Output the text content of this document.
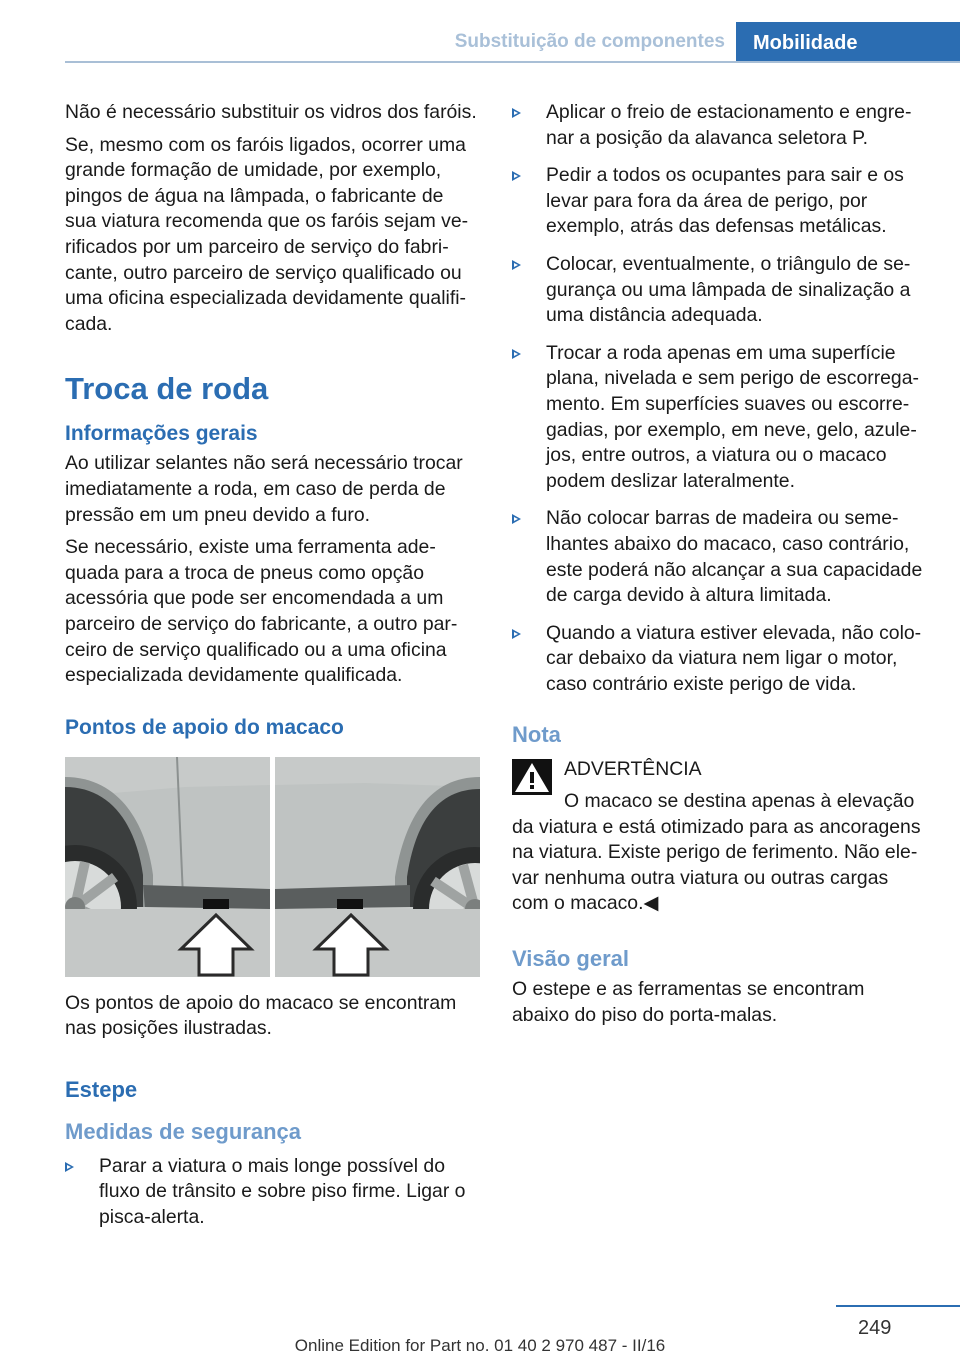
Substituição de componentes	Mobilidade

Não é necessário substituir os vidros dos faróis.

Se, mesmo com os faróis ligados, ocorrer uma grande formação de umidade, por exemplo, pingos de água na lâmpada, o fabricante de sua viatura recomenda que os faróis sejam verificados por um parceiro de serviço do fabricante, outro parceiro de serviço qualificado ou uma oficina especializada devidamente qualificada.

Troca de roda
Informações gerais

Ao utilizar selantes não será necessário trocar imediatamente a roda, em caso de perda de pressão em um pneu devido a furo.

Se necessário, existe uma ferramenta adequada para a troca de pneus como opção acessória que pode ser encomendada a um parceiro de serviço do fabricante, a outro parceiro de serviço qualificado ou a uma oficina especializada devidamente qualificada.

Pontos de apoio do macaco

Os pontos de apoio do macaco se encontram nas posições ilustradas.

Estepe
Medidas de segurança
Parar a viatura o mais longe possível do fluxo de trânsito e sobre piso firme. Ligar o pisca-alerta.
Aplicar o freio de estacionamento e engrenar a posição da alavanca seletora P.
Pedir a todos os ocupantes para sair e os levar para fora da área de perigo, por exemplo, atrás das defensas metálicas.
Colocar, eventualmente, o triângulo de segurança ou uma lâmpada de sinalização a uma distância adequada.
Trocar a roda apenas em uma superfície plana, nivelada e sem perigo de escorregamento. Em superfícies suaves ou escorregadias, por exemplo, em neve, gelo, azulejos, entre outros, a viatura ou o macaco podem deslizar lateralmente.
Não colocar barras de madeira ou semelhantes abaixo do macaco, caso contrário, este poderá não alcançar a sua capacidade de carga devido à altura limitada.
Quando a viatura estiver elevada, não colocar debaixo da viatura nem ligar o motor, caso contrário existe perigo de vida.
Nota

ADVERTÊNCIA

O macaco se destina apenas à elevação

da viatura e está otimizado para as ancoragens na viatura. Existe perigo de ferimento. Não elevar nenhuma outra viatura ou outras cargas com o macaco.◀

Visão geral

O estepe e as ferramentas se encontram abaixo do piso do porta-malas.

249
Online Edition for Part no. 01 40 2 970 487 - II/16
